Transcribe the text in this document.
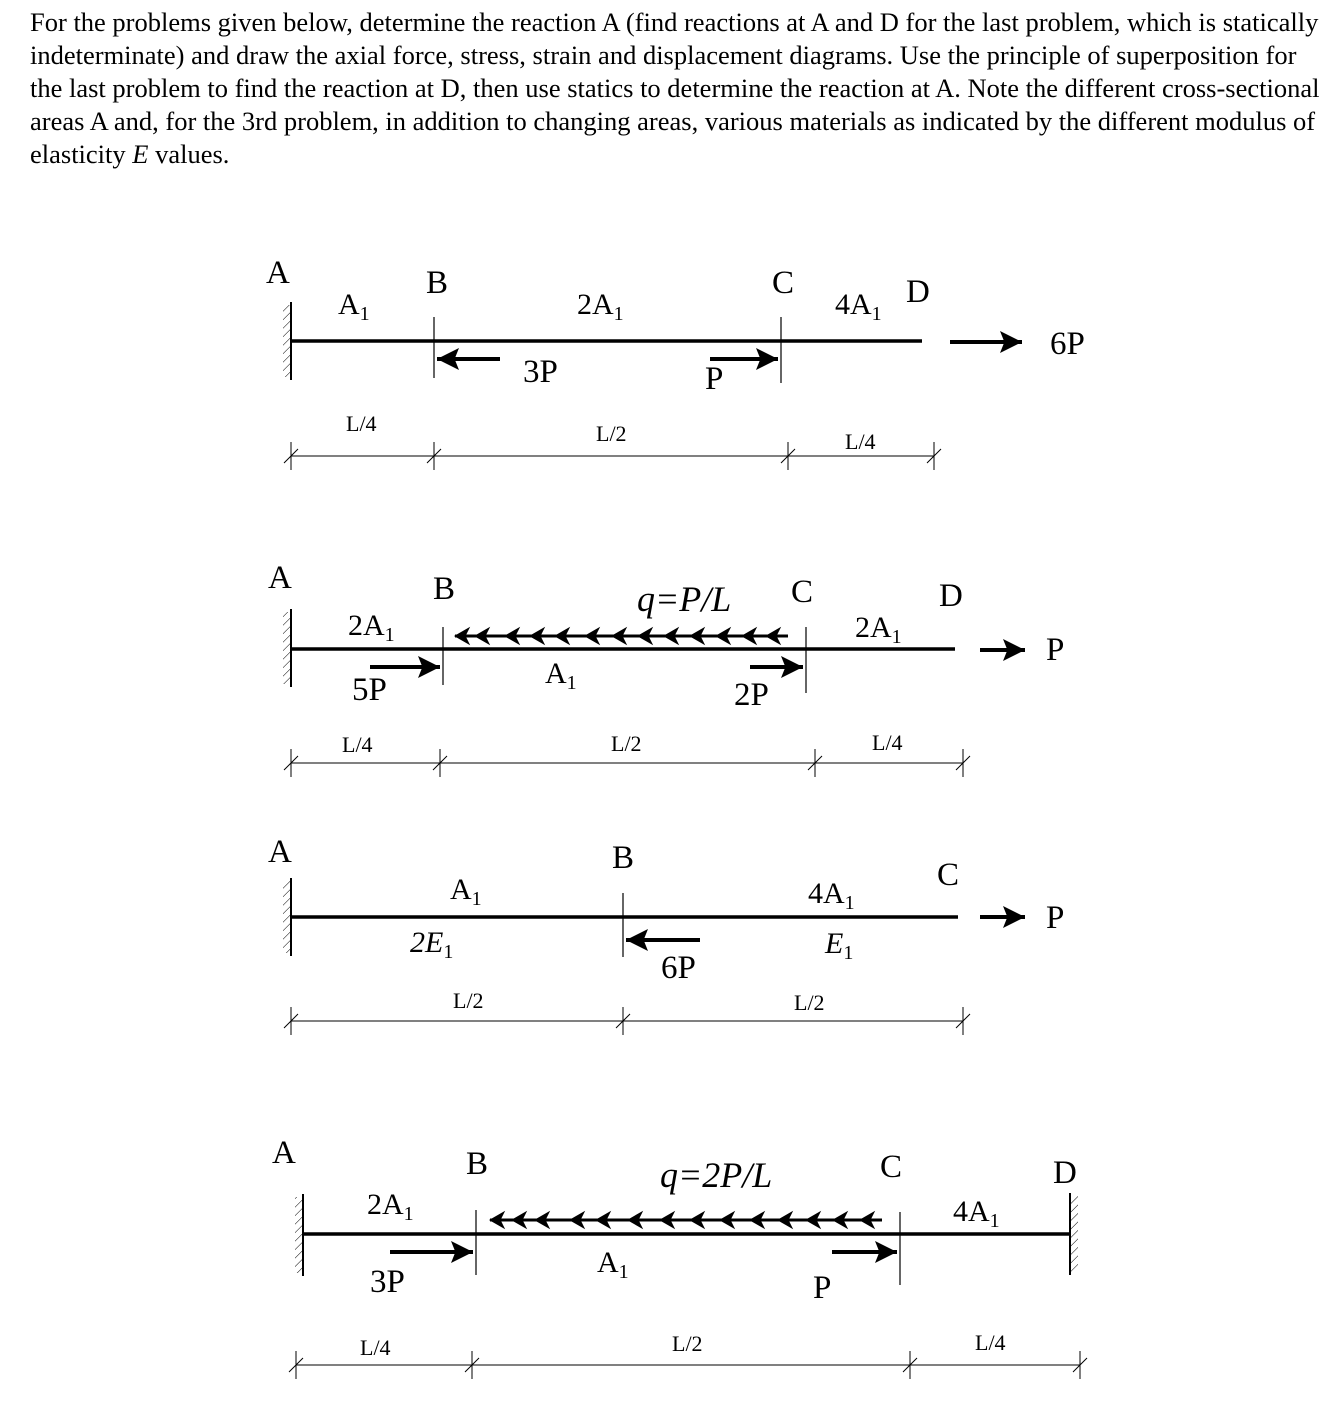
For the problems given below, determine the reaction A (find reactions at A and D for the last problem, which is statically indeterminate) and draw the axial force, stress, strain and displacement diagrams. Use the principle of superposition for the last problem to find the reaction at D, then use statics to determine the reaction at A. Note the different cross-sectional areas A and, for the 3rd problem, in addition to changing areas, various materials as indicated by the different modulus of elasticity E values.

A	B	C	D
$A_1$	$2A_1$	$4A_1$
3P	P
6P
L/4	L/2	L/4
A	B	C	D
$2A_1$
$A_1$
$2A_1$
q=P/L
5P	2P
P
L/4	L/2	L/4
A	B	C
$A_1$	$4A_1$
$2E_1$	$E_1$
6P
P
L/2	L/2
A	B	C	D
$2A_1$
$A_1$
$4A_1$
q=2P/L
3P	P
L/4	L/2	L/4
